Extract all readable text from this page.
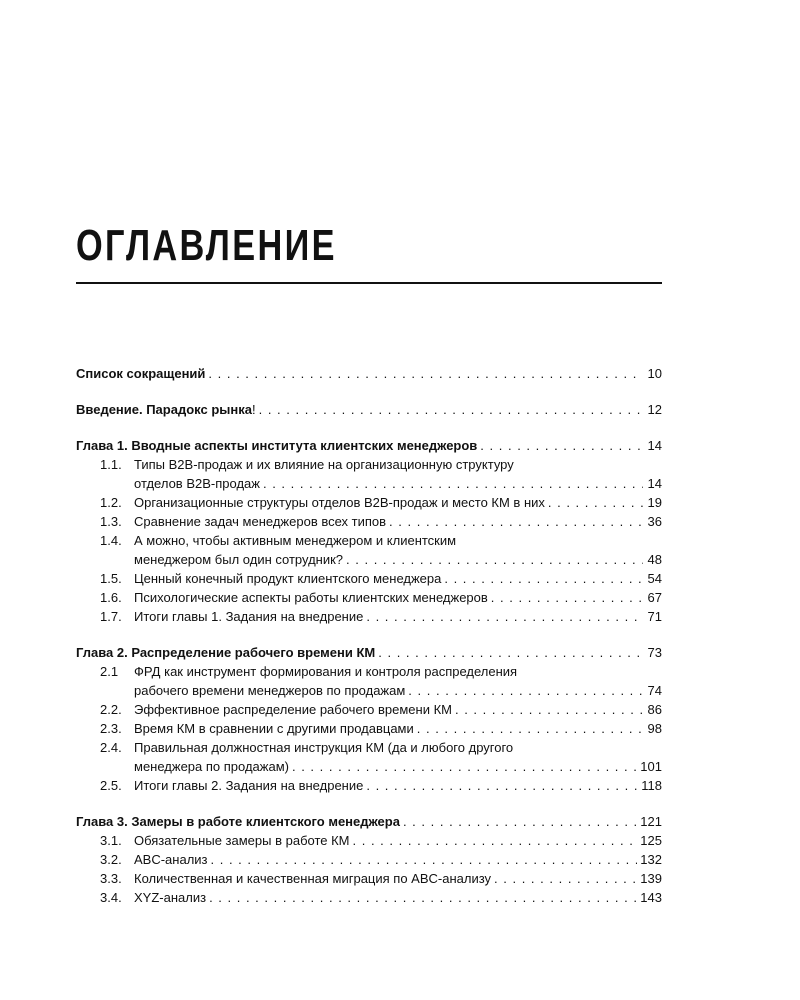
ОГЛАВЛЕНИЕ
Список сокращений . . .	10
Введение. Парадокс рынка ! . . .	12
Глава 1. Вводные аспекты института клиентских менеджеров . . .	14
1.1. Типы B2B-продаж и их влияние на организационную структуру
отделов B2B-продаж . . .	14
1.2. Организационные структуры отделов B2B-продаж и место КМ в них . . .	19
1.3. Сравнение задач менеджеров всех типов . . .	36
1.4. А можно, чтобы активным менеджером и клиентским
менеджером был один сотрудник? . . .	48
1.5. Ценный конечный продукт клиентского менеджера . . .	54
1.6. Психологические аспекты работы клиентских менеджеров . . .	67
1.7. Итоги главы 1. Задания на внедрение . . .	71
Глава 2. Распределение рабочего времени КМ . . .	73
2.1	ФРД как инструмент формирования и контроля распределения
рабочего времени менеджеров по продажам . . .	74
2.2. Эффективное распределение рабочего времени КМ . . .	86
2.3. Время КМ в сравнении с другими продавцами . . .	98
2.4. Правильная должностная инструкция КМ (да и любого другого
менеджера по продажам) . . .	101
2.5. Итоги главы 2. Задания на внедрение . . .	118
Глава 3. Замеры в работе клиентского менеджера . . .	121
3.1. Обязательные замеры в работе КМ . . .	125
3.2. ABC-анализ . . .	132
3.3. Количественная и качественная миграция по ABC-анализу . . .	139
3.4. XYZ-анализ . . .	143
